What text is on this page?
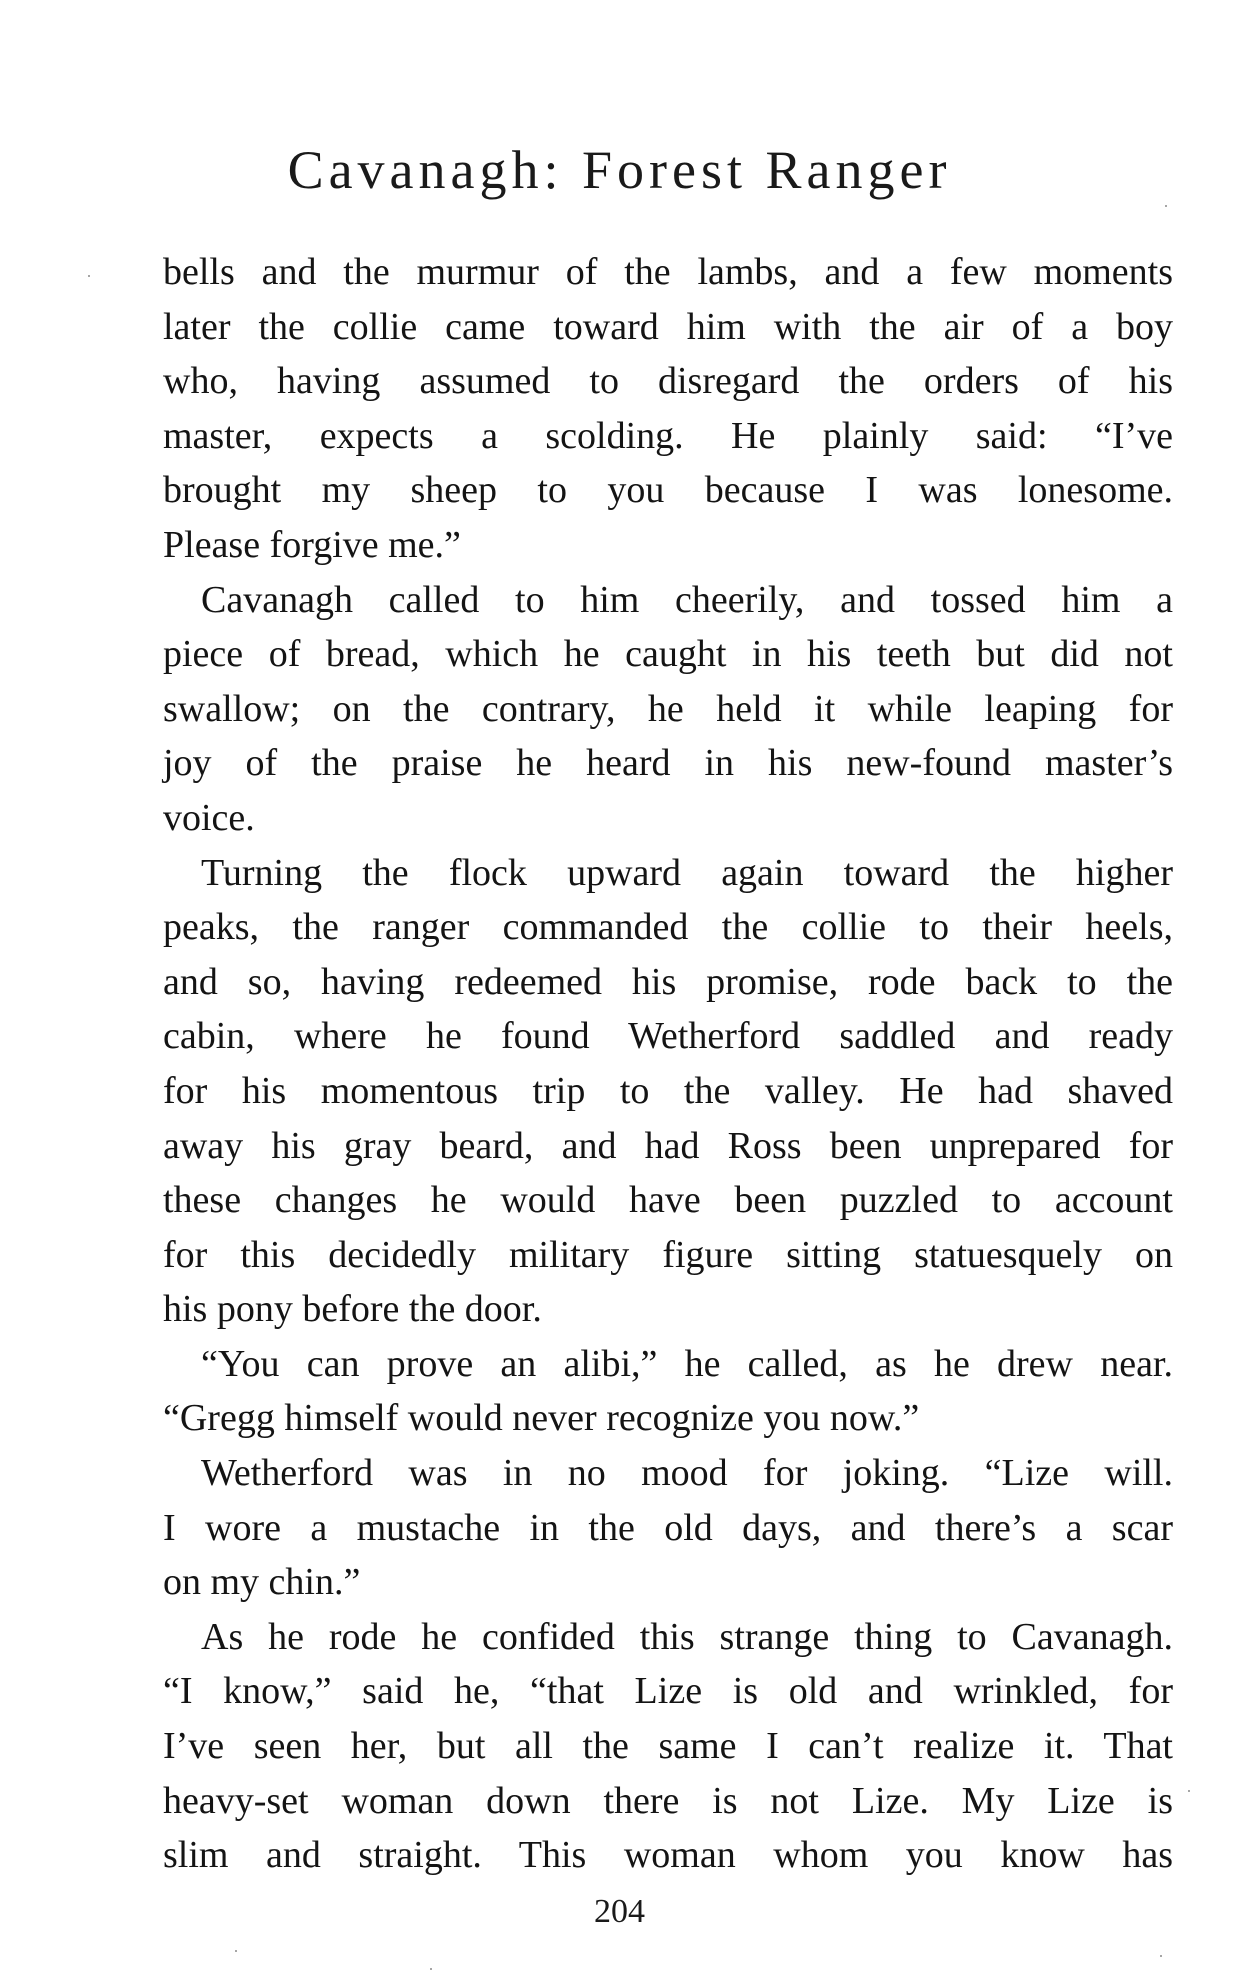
Cavanagh: Forest Ranger
bells and the murmur of the lambs, and a few moments
later the collie came toward him with the air of a boy
who, having assumed to disregard the orders of his
master, expects a scolding. He plainly said: “I’ve
brought my sheep to you because I was lonesome.
Please forgive me.”
Cavanagh called to him cheerily, and tossed him a
piece of bread, which he caught in his teeth but did not
swallow; on the contrary, he held it while leaping for
joy of the praise he heard in his new-found master’s
voice.
Turning the flock upward again toward the higher
peaks, the ranger commanded the collie to their heels,
and so, having redeemed his promise, rode back to the
cabin, where he found Wetherford saddled and ready
for his momentous trip to the valley. He had shaved
away his gray beard, and had Ross been unprepared for
these changes he would have been puzzled to account
for this decidedly military figure sitting statuesquely on
his pony before the door.
“You can prove an alibi,” he called, as he drew near.
“Gregg himself would never recognize you now.”
Wetherford was in no mood for joking. “Lize will.
I wore a mustache in the old days, and there’s a scar
on my chin.”
As he rode he confided this strange thing to Cavanagh.
“I know,” said he, “that Lize is old and wrinkled, for
I’ve seen her, but all the same I can’t realize it. That
heavy-set woman down there is not Lize. My Lize is
slim and straight. This woman whom you know has
204
